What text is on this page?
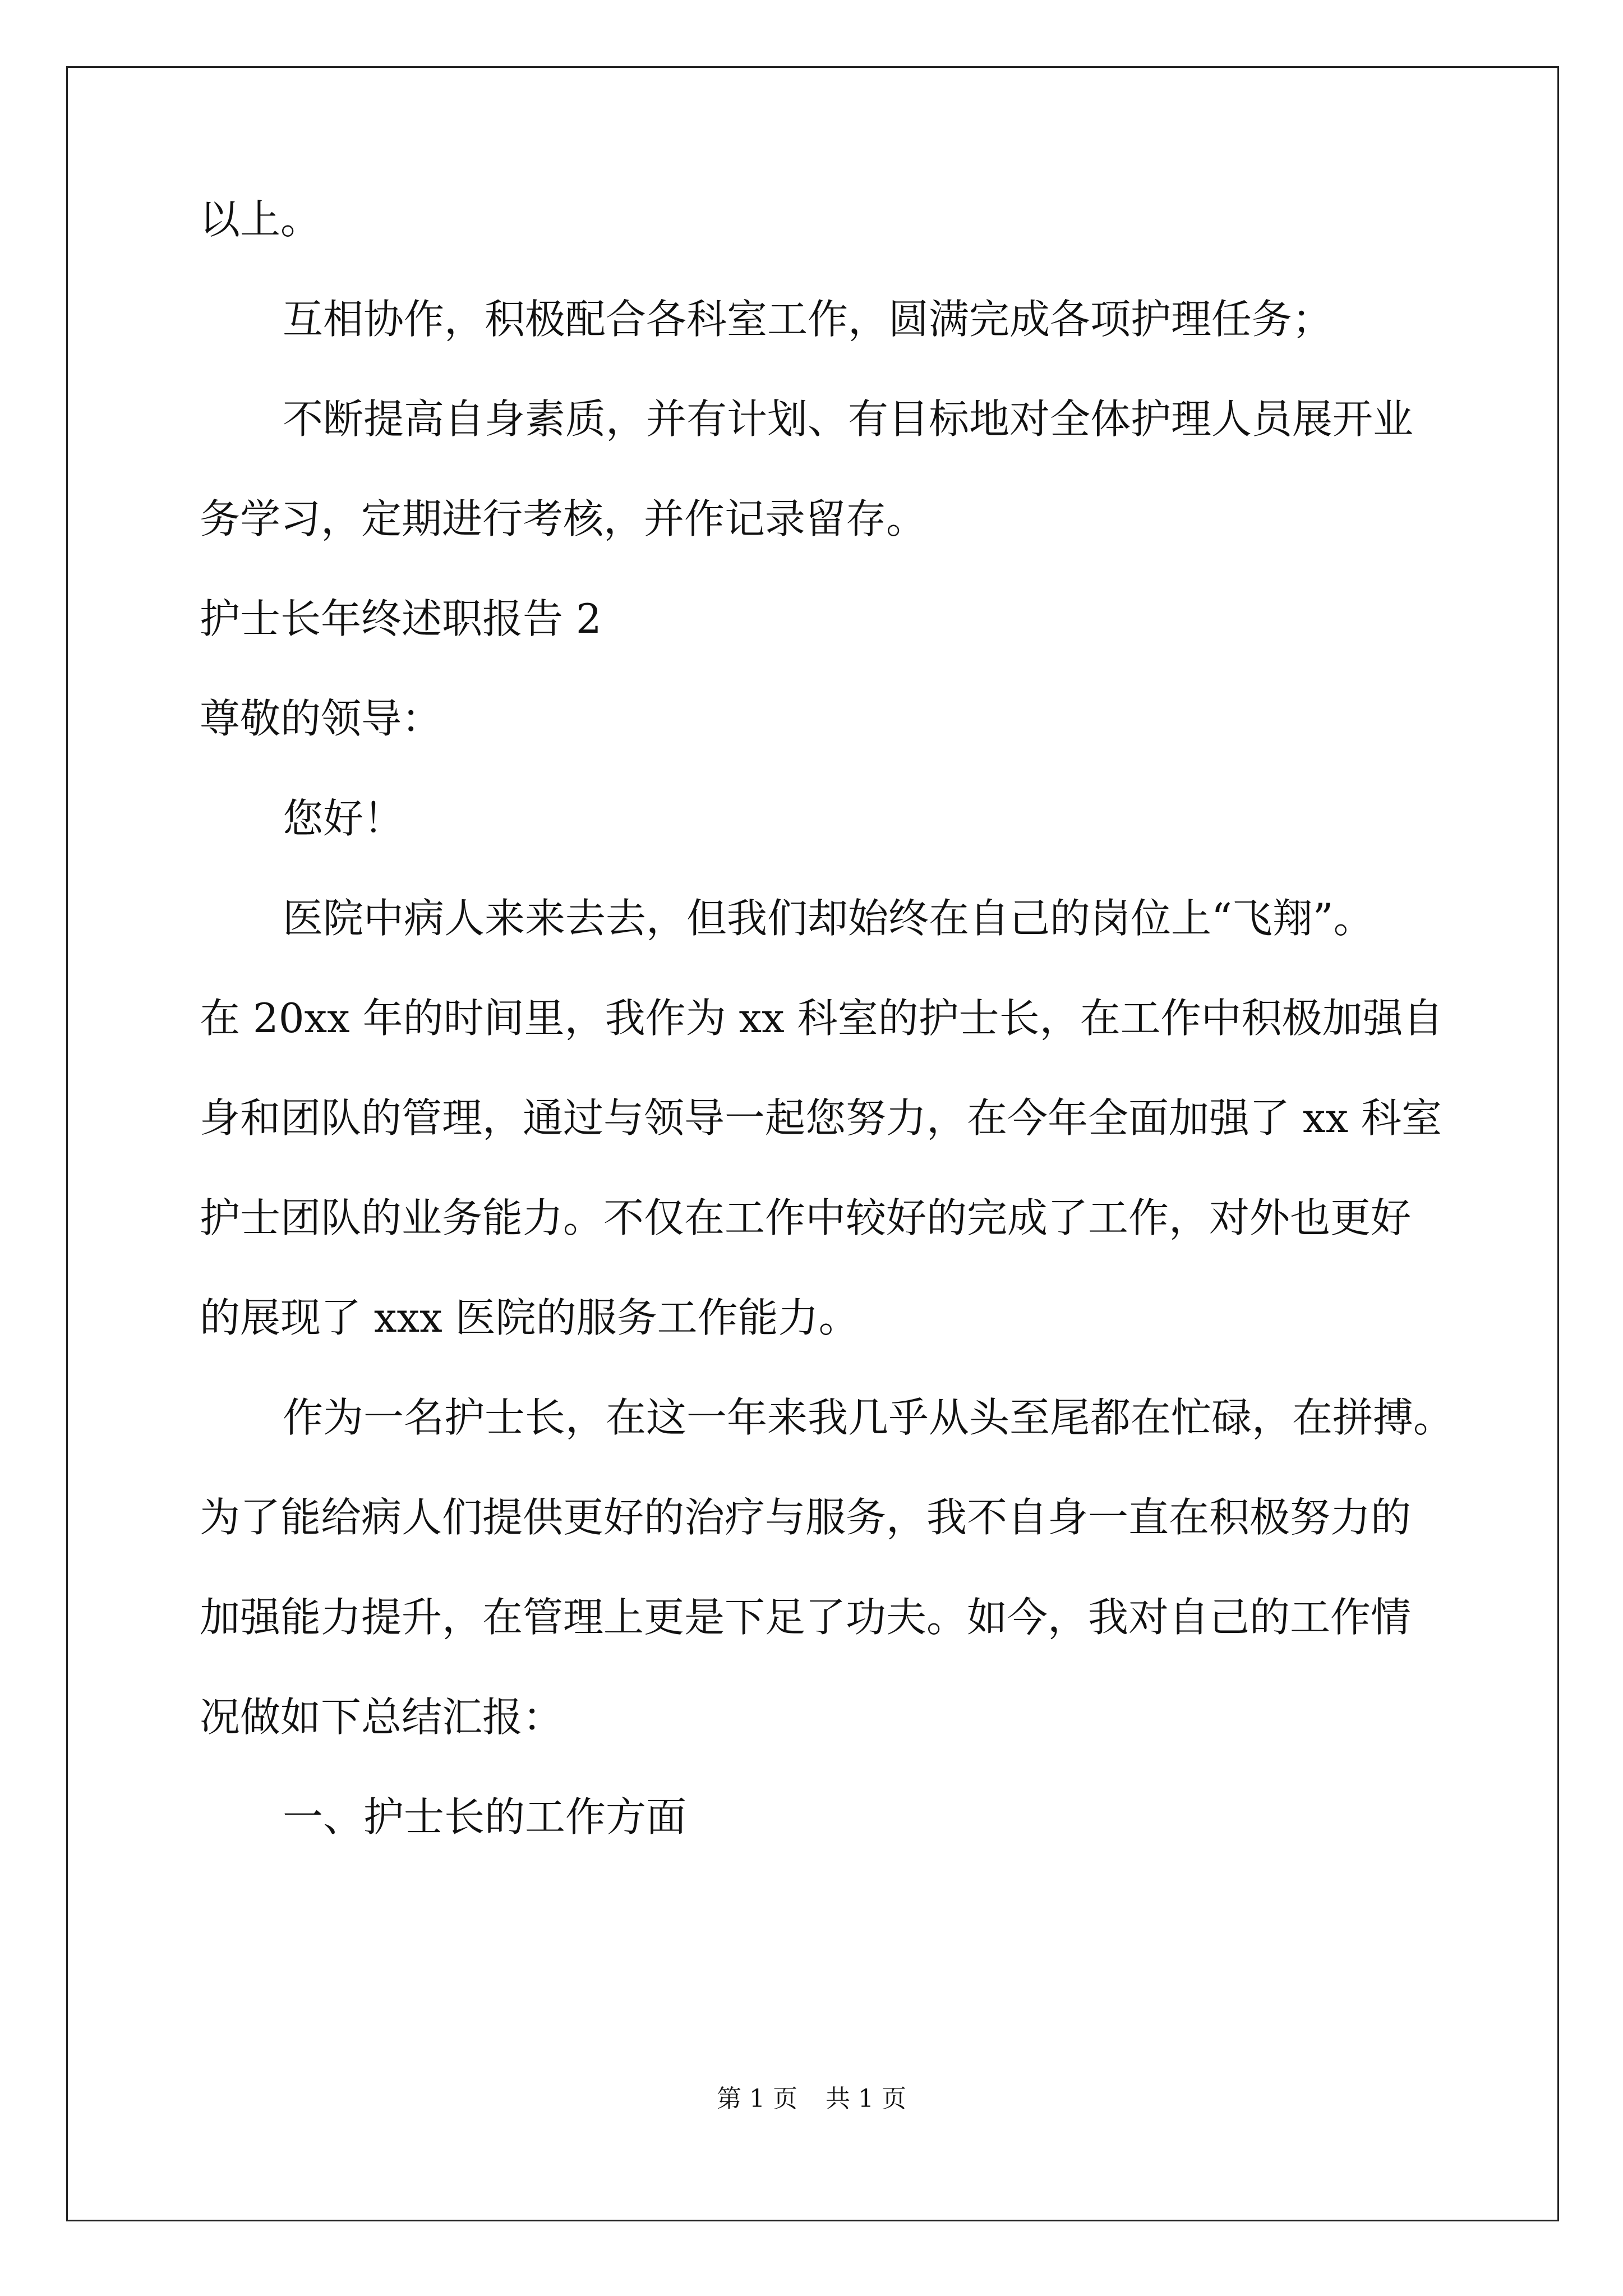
以上。
互相协作，积极配合各科室工作，圆满完成各项护理任务；
不断提高自身素质，并有计划、有目标地对全体护理人员展开业
务学习，定期进行考核，并作记录留存。
护士长年终述职报告 2
尊敬的领导：
您好！
医院中病人来来去去，但我们却始终在自己的岗位上“飞翔”。
在 20xx 年的时间里，我作为 xx 科室的护士长，在工作中积极加强自
身和团队的管理，通过与领导一起您努力，在今年全面加强了 xx 科室
护士团队的业务能力。不仅在工作中较好的完成了工作，对外也更好
的展现了 xxx 医院的服务工作能力。
作为一名护士长，在这一年来我几乎从头至尾都在忙碌，在拼搏。
为了能给病人们提供更好的治疗与服务，我不自身一直在积极努力的
加强能力提升，在管理上更是下足了功夫。如今，我对自己的工作情
况做如下总结汇报：
一、护士长的工作方面
第 1 页 共 1 页
